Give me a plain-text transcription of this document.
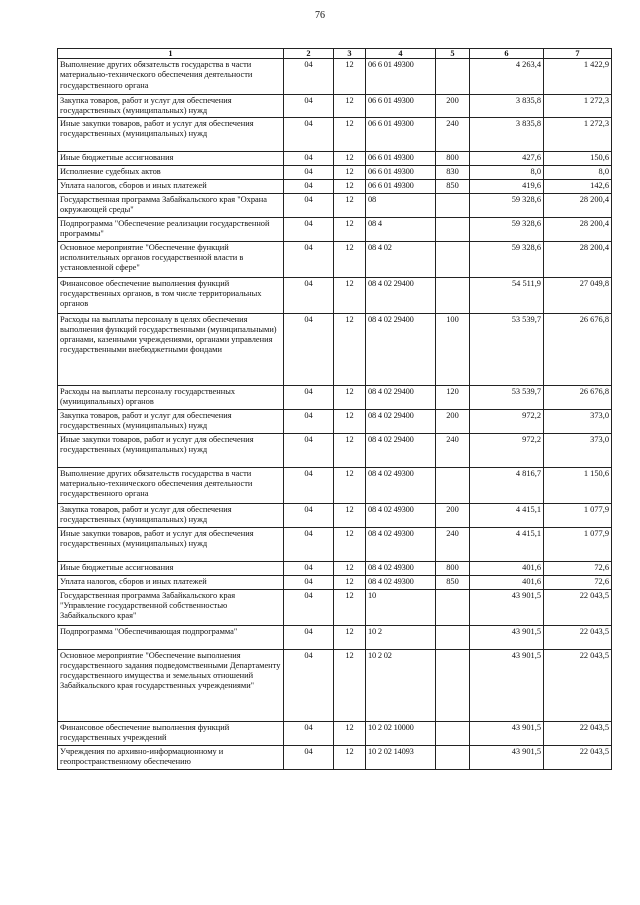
76
1	2	3	4	5	6	7
Выполнение других обязательств государства в части материально-технического обеспечения деятельности государственного органа	04	12	06 6 01 49300		4 263,4	1 422,9
Закупка товаров, работ и услуг для обеспечения государственных (муниципальных) нужд	04	12	06 6 01 49300	200	3 835,8	1 272,3
Иные закупки товаров, работ и услуг для обеспечения государственных (муниципальных) нужд	04	12	06 6 01 49300	240	3 835,8	1 272,3
Иные бюджетные ассигнования	04	12	06 6 01 49300	800	427,6	150,6
Исполнение судебных актов	04	12	06 6 01 49300	830	8,0	8,0
Уплата налогов, сборов и иных платежей	04	12	06 6 01 49300	850	419,6	142,6
Государственная программа Забайкальского края "Охрана окружающей среды"	04	12	08		59 328,6	28 200,4
Подпрограмма "Обеспечение реализации государственной программы"	04	12	08 4		59 328,6	28 200,4
Основное мероприятие "Обеспечение функций исполнительных органов государственной власти в установленной сфере"	04	12	08 4 02		59 328,6	28 200,4
Финансовое обеспечение выполнения функций государственных органов, в том числе территориальных органов	04	12	08 4 02 29400		54 511,9	27 049,8
Расходы на выплаты персоналу в целях обеспечения выполнения функций государственными (муниципальными) органами, казенными учреждениями, органами управления государственными внебюджетными фондами	04	12	08 4 02 29400	100	53 539,7	26 676,8
Расходы на выплаты персоналу государственных (муниципальных) органов	04	12	08 4 02 29400	120	53 539,7	26 676,8
Закупка товаров, работ и услуг для обеспечения государственных (муниципальных) нужд	04	12	08 4 02 29400	200	972,2	373,0
Иные закупки товаров, работ и услуг для обеспечения государственных (муниципальных) нужд	04	12	08 4 02 29400	240	972,2	373,0
Выполнение других обязательств государства в части материально-технического обеспечения деятельности государственного органа	04	12	08 4 02 49300		4 816,7	1 150,6
Закупка товаров, работ и услуг для обеспечения государственных (муниципальных) нужд	04	12	08 4 02 49300	200	4 415,1	1 077,9
Иные закупки товаров, работ и услуг для обеспечения государственных (муниципальных) нужд	04	12	08 4 02 49300	240	4 415,1	1 077,9
Иные бюджетные ассигнования	04	12	08 4 02 49300	800	401,6	72,6
Уплата налогов, сборов и иных платежей	04	12	08 4 02 49300	850	401,6	72,6
Государственная программа Забайкальского края "Управление государственной собственностью Забайкальского края"	04	12	10		43 901,5	22 043,5
Подпрограмма "Обеспечивающая подпрограмма"	04	12	10 2		43 901,5	22 043,5
Основное мероприятие "Обеспечение выполнения государственного задания подведомственными Департаменту государственного имущества и земельных отношений Забайкальского края государственных учреждениями"	04	12	10 2 02		43 901,5	22 043,5
Финансовое обеспечение выполнения функций государственных учреждений	04	12	10 2 02 10000		43 901,5	22 043,5
Учреждения по архивно-информационному и геопространственному обеспечению	04	12	10 2 02 14093		43 901,5	22 043,5
